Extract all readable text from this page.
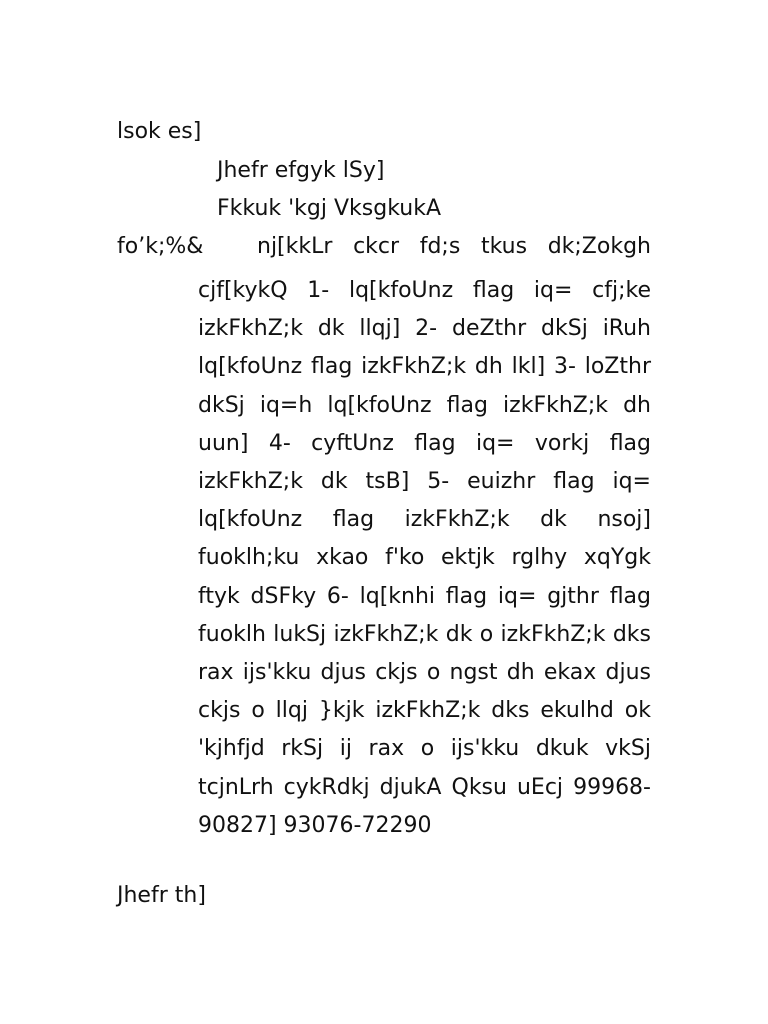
lsok es]
Jhefr efgyk lSy]
Fkkuk 'kgj VksgkukA
fo’k;%& nj[kkLr ckcr fd;s tkus dk;Zokgh
cjf[kykQ 1- lq[kfoUnz flag iq= cfj;ke izkFkhZ;k dk llqj] 2- deZthr dkSj iRuh lq[kfoUnz flag izkFkhZ;k dh lkl] 3- loZthr dkSj iq=h lq[kfoUnz flag izkFkhZ;k dh uun] 4- cyftUnz flag iq= vorkj flag izkFkhZ;k dk tsB] 5- euizhr flag iq= lq[kfoUnz flag izkFkhZ;k dk nsoj] fuoklh;ku xkao f'ko ektjk rglhy xqYgk ftyk dSFky 6- lq[knhi flag iq= gjthr flag fuoklh lukSj izkFkhZ;k dk o izkFkhZ;k dks rax ijs'kku djus ckjs o ngst dh ekax djus ckjs o llqj }kjk izkFkhZ;k dks ekulhd ok 'kjhfjd rkSj ij rax o ijs'kku dkuk vkSj tcjnLrh cykRdkj djukA Qksu uEcj 99968-90827] 93076-72290
Jhefr th]
